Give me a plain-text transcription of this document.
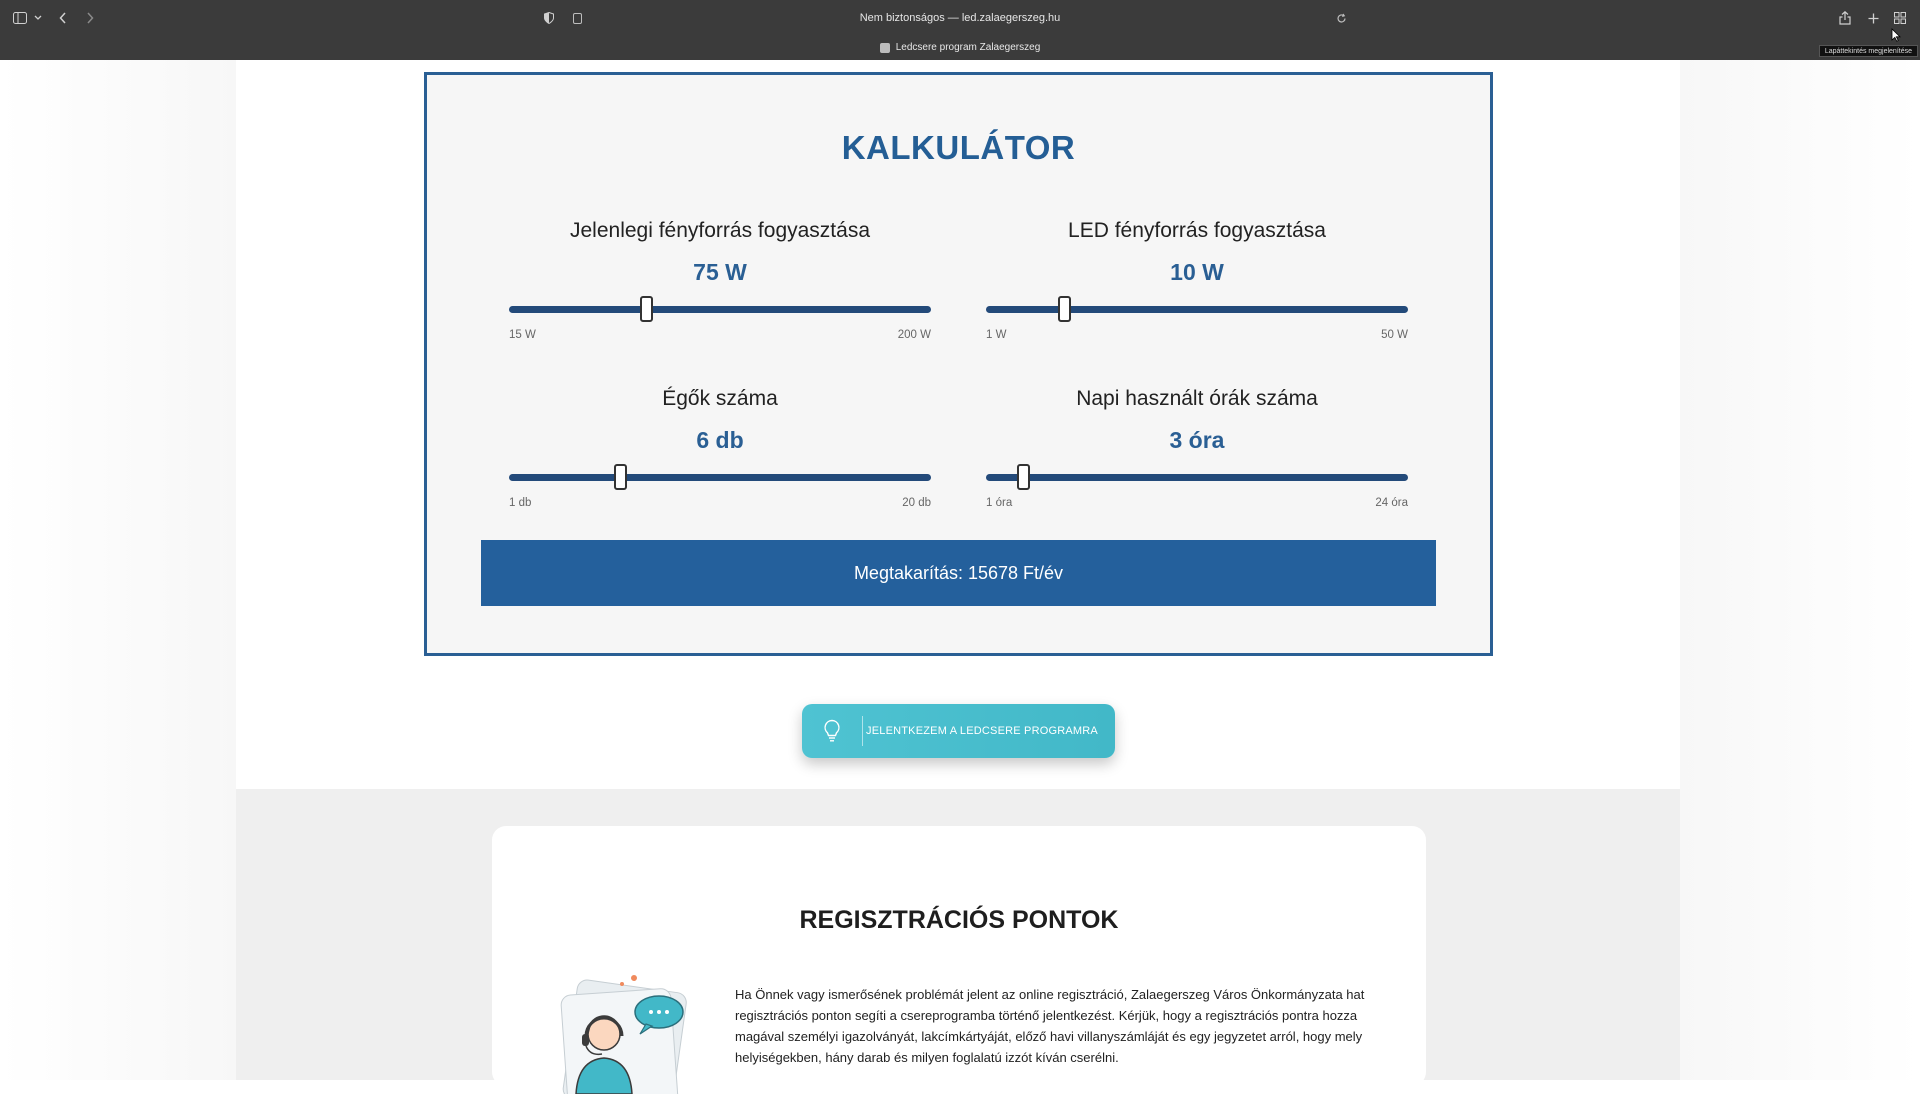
Nem biztonságos — led.zalaegerszeg.hu
Ledcsere program Zalaegerszeg	Lapáttekintés megjelenítése
KALKULÁTOR
Jelenlegi fényforrás fogyasztása
75 W
15 W	200 W
LED fényforrás fogyasztása
10 W
1 W	50 W
Égők száma
6 db
1 db	20 db
Napi használt órák száma
3 óra
1 óra	24 óra
Megtakarítás: 15678 Ft/év
JELENTKEZEM A LEDCSERE PROGRAMRA
REGISZTRÁCIÓS PONTOK
Ha Önnek vagy ismerősének problémát jelent az online regisztráció, Zalaegerszeg Város Önkormányzata hat regisztrációs ponton segíti a csereprogramba történő jelentkezést. Kérjük, hogy a regisztrációs pontra hozza magával személyi igazolványát, lakcímkártyáját, előző havi villanyszámláját és egy jegyzetet arról, hogy mely helyiségekben, hány darab és milyen foglalatú izzót kíván cserélni.
